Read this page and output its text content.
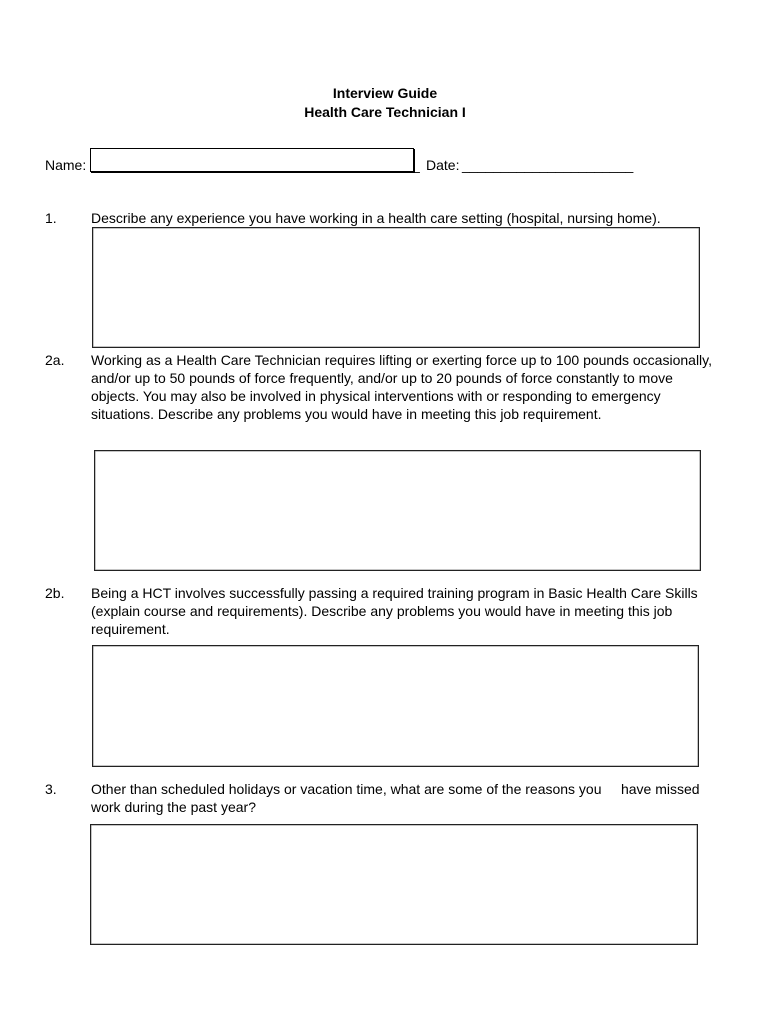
Interview Guide
Health Care Technician I
Name:	_ Date: ______________________
1. Describe any experience you have working in a health care setting (hospital, nursing home).
2a. Working as a Health Care Technician requires lifting or exerting force up to 100 pounds occasionally, and/or up to 50 pounds of force frequently, and/or up to 20 pounds of force constantly to move objects. You may also be involved in physical interventions with or responding to emergency situations. Describe any problems you would have in meeting this job requirement.
2b. Being a HCT involves successfully passing a required training program in Basic Health Care Skills (explain course and requirements). Describe any problems you would have in meeting this job requirement.
3. Other than scheduled holidays or vacation time, what are some of the reasons you     have missed work during the past year?
